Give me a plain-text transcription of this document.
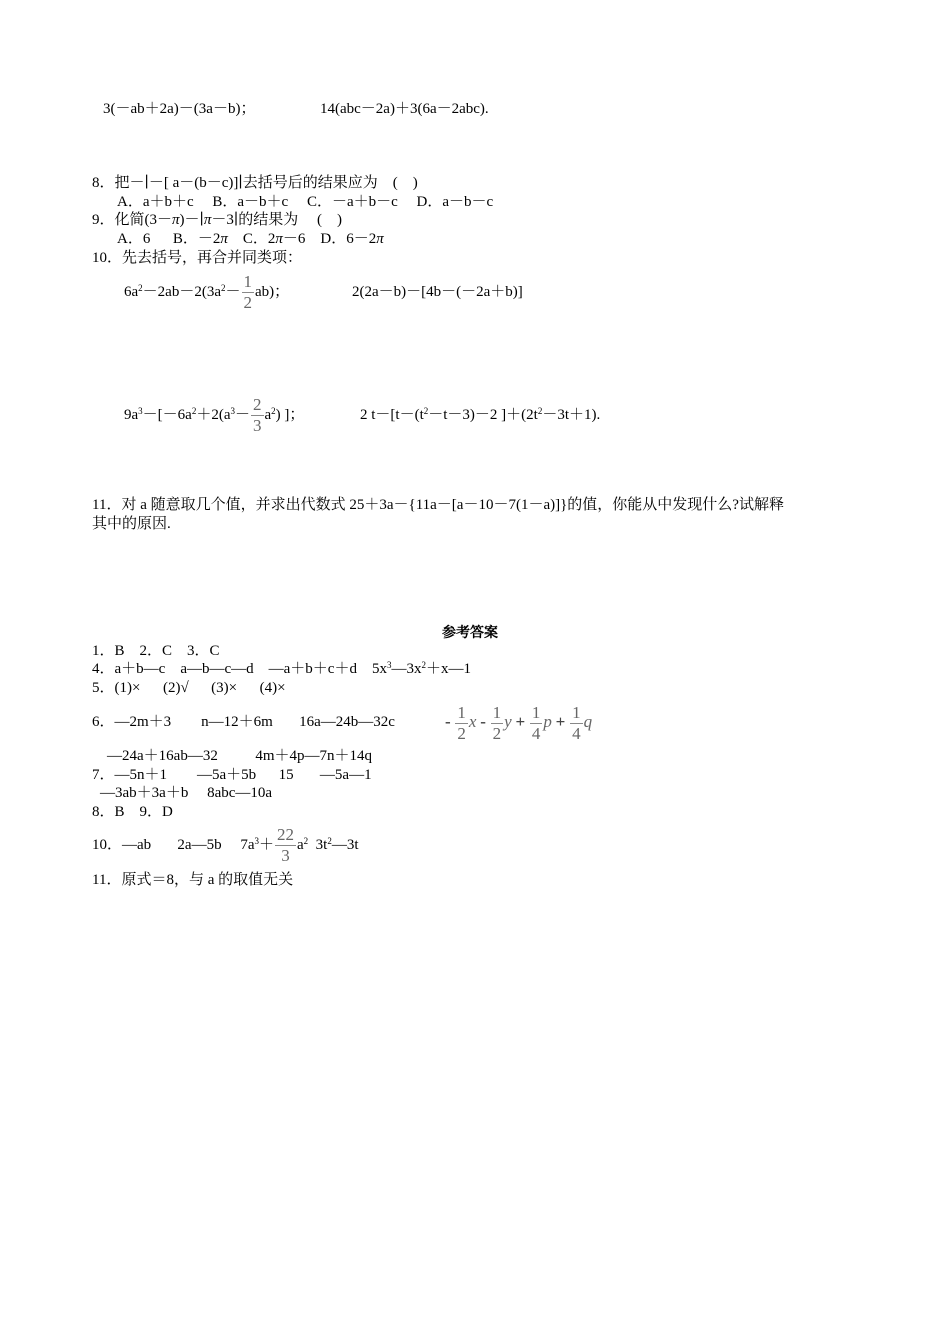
3(－ab＋2a)－(3a－b)；	14(abc－2a)＋3(6a－2abc).
8．把－∣－[ a－(b－c)]∣去括号后的结果应为　(　)
A．a＋b＋c　 B．a－b＋c　 C．－a＋b－c　 D．a－b－c
9．化简(3－π)－∣π－3∣的结果为　 (　)
A．6　  B．－2π　C．2π－6　D．6－2π
10．先去括号，再合并同类项：
$6a^2-2ab-2(3a^2- \frac{1}{2} ab)$；	2(2a－b)－[4b－(－2a＋b)]
$9a^3-[-6a^2+2(a^3- \frac{2}{3} a^2)$ ]；	2 $t-[t-(t^2-t-3)-2$ ]$+(2t^2-3t+1)$.
11．对 a 随意取几个值，并求出代数式 25＋3a－{11a－[a－10－7(1－a)]}的值，你能从中发现什么?试解释
其中的原因.
参考答案
1．B　2．C　3．C
4．a＋b—c　a—b—c—d　—a＋b＋c＋d　$5x^3—3x^2+x—1$
5．(1)×　  (2)√　  (3)×　  (4)×
6．—2m＋3　    n—12＋6m　   16a—24b—32c	- $\frac{1}{2}$ x - $\frac{1}{2}$ $y + \frac{1}{4}$ $p + \frac{1}{4}$ q
—24a＋16ab—32　      4m＋4p—7n＋14q
7．—5n＋1　    —5a＋5b　  15　   —5a—1
—3ab＋3a＋b　 8abc—10a
8．B　9．D
10．—ab　   2a—5b　 $7a^3+ \frac{22}{3} a^2$  $3t^2—3t$
11．原式＝8，与 a 的取值无关
